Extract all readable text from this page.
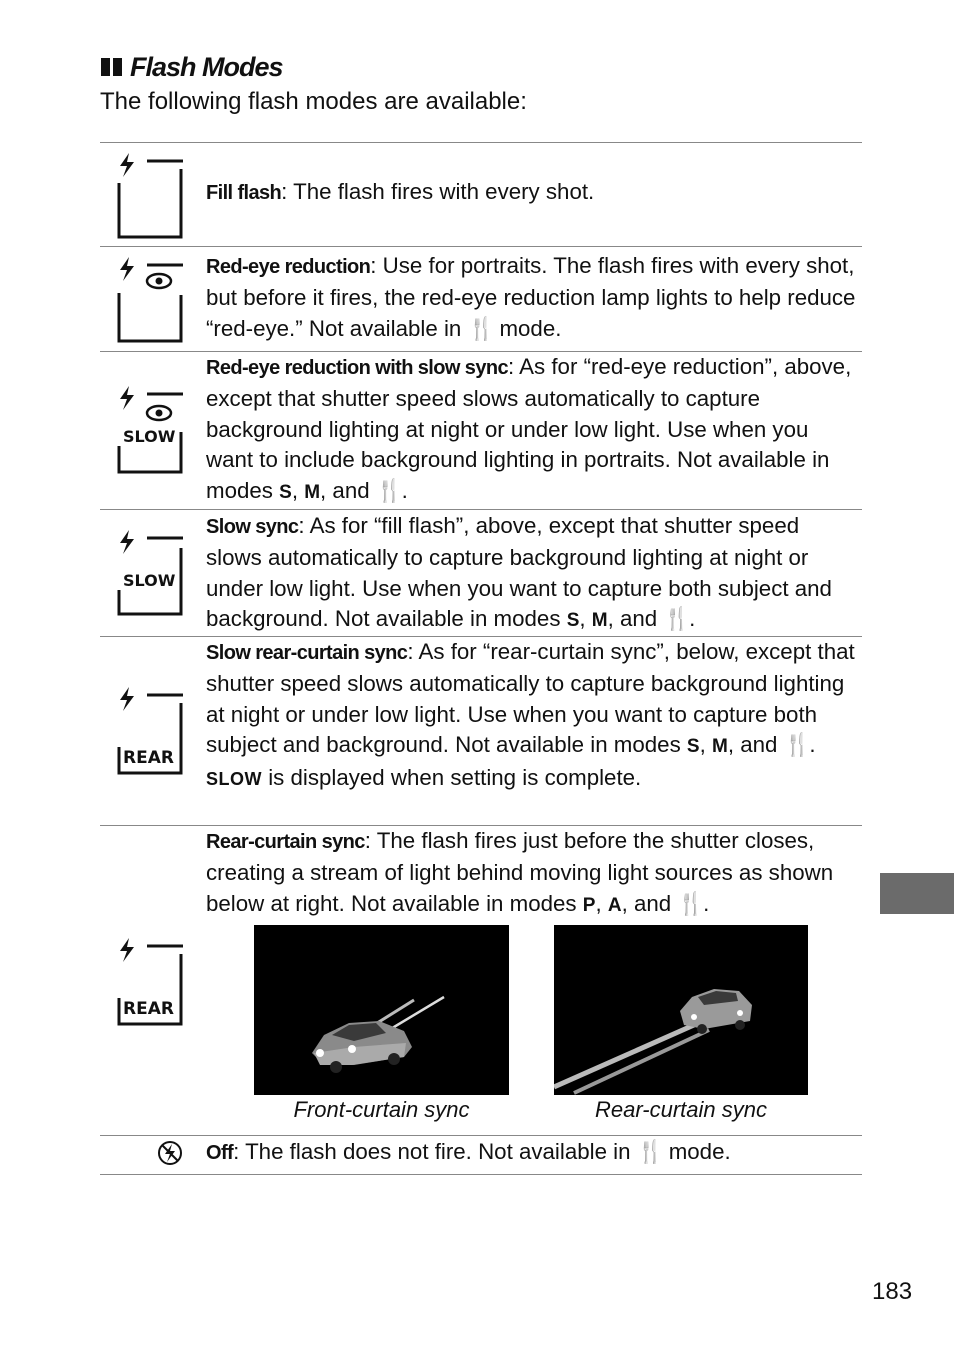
Flash Modes
The following flash modes are available:
Fill flash: The flash fires with every shot.
Red-eye reduction: Use for portraits. The flash fires with every shot, but before it fires, the red-eye reduction lamp lights to help reduce “red-eye.” Not available in 🍴 mode.
SLOW
Red-eye reduction with slow sync: As for “red-eye reduction”, above, except that shutter speed slows automatically to capture background lighting at night or under low light. Use when you want to include background lighting in portraits. Not available in modes S, M, and 🍴.
SLOW
Slow sync: As for “fill flash”, above, except that shutter speed slows automatically to capture background lighting at night or under low light. Use when you want to capture both subject and background. Not available in modes S, M, and 🍴.
REAR
Slow rear-curtain sync: As for “rear-curtain sync”, below, except that shutter speed slows automatically to capture background lighting at night or under low light. Use when you want to capture both subject and background. Not available in modes S, M, and 🍴. SLOW is displayed when setting is complete.
REAR
Rear-curtain sync: The flash fires just before the shutter closes, creating a stream of light behind moving light sources as shown below at right. Not available in modes P, A, and 🍴.
Front-curtain sync	Rear-curtain sync
Off: The flash does not fire. Not available in 🍴 mode.
183
